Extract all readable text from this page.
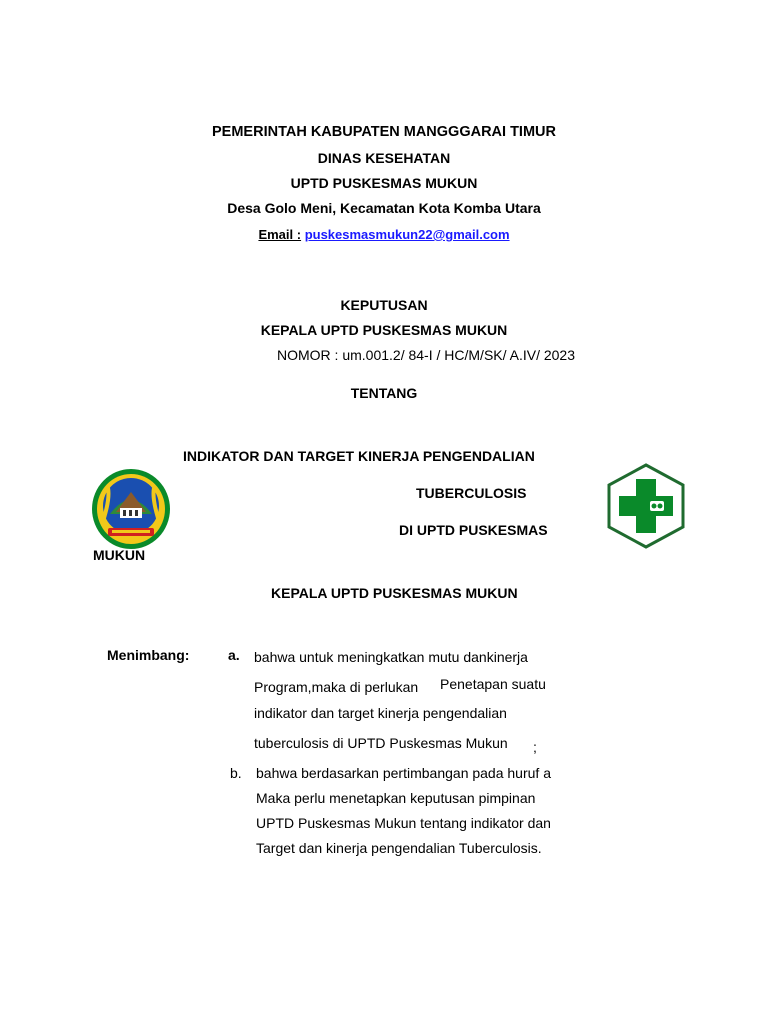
PEMERINTAH KABUPATEN MANGGGARAI TIMUR
DINAS KESEHATAN
UPTD PUSKESMAS MUKUN
Desa Golo Meni, Kecamatan Kota Komba Utara
Email : puskesmasmukun22@gmail.com
KEPUTUSAN
KEPALA UPTD PUSKESMAS MUKUN
NOMOR : um.001.2/ 84-I / HC/M/SK/ A.IV/ 2023
TENTANG
INDIKATOR DAN TARGET KINERJA PENGENDALIAN
TUBERCULOSIS
DI UPTD PUSKESMAS
MUKUN
KEPALA UPTD PUSKESMAS MUKUN
Menimbang:	a. bahwa untuk meningkatkan mutu dankinerja
Program,maka di perlukan Penetapan suatu
indikator dan target kinerja pengendalian
tuberculosis di UPTD Puskesmas Mukun ;
b. bahwa berdasarkan pertimbangan pada huruf a
Maka perlu menetapkan keputusan pimpinan
UPTD Puskesmas Mukun tentang indikator dan
Target dan kinerja pengendalian Tuberculosis.
